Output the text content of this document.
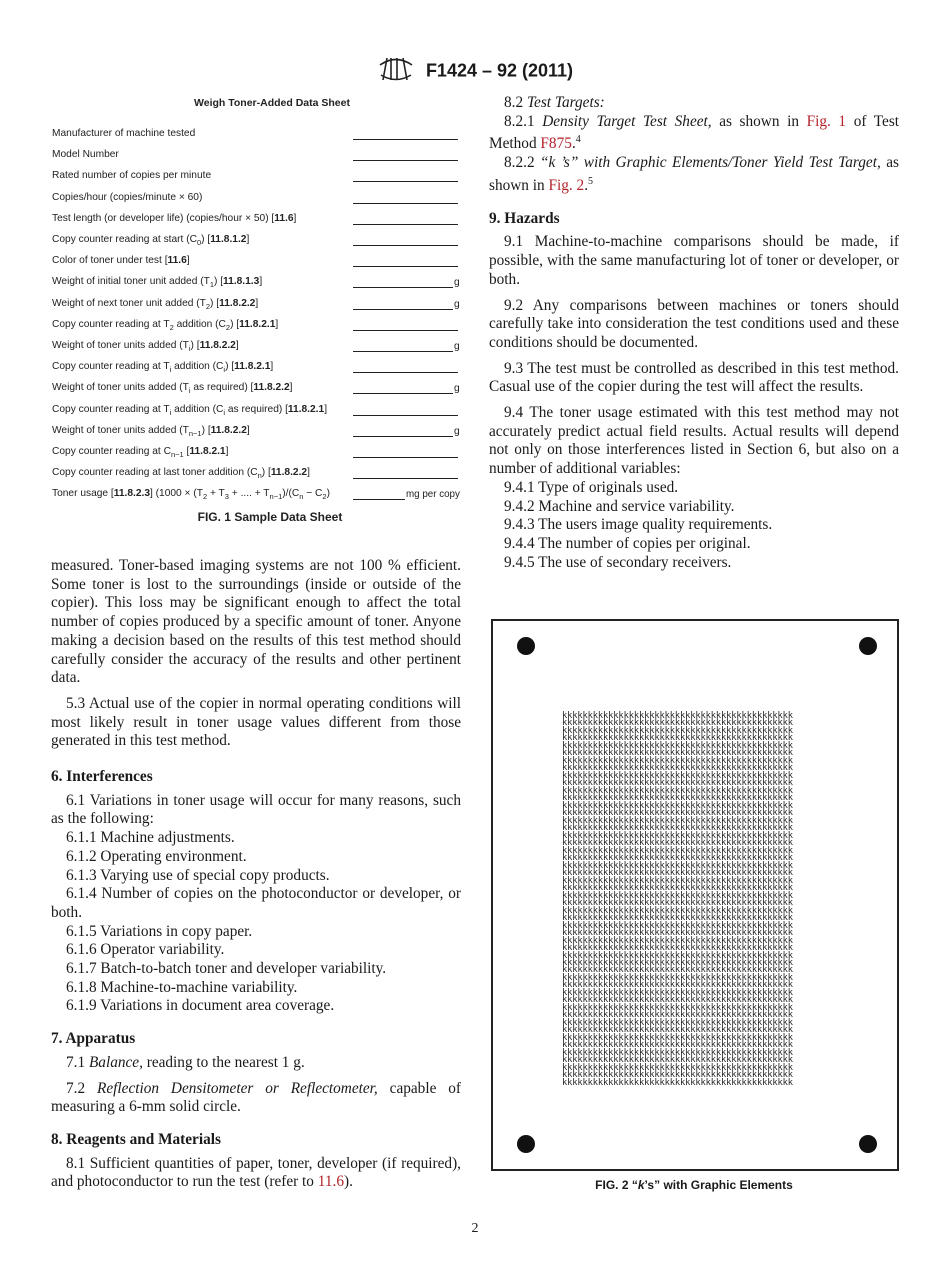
F1424 – 92 (2011)
Weigh Toner-Added Data Sheet
Manufacturer of machine tested
Model Number
Rated number of copies per minute
Copies/hour (copies/minute × 60)
Test length (or developer life) (copies/hour × 50) [11.6]
Copy counter reading at start $(C_0)$ [11.8.1.2]
Color of toner under test [11.6]
Weight of initial toner unit added $(T_1)$ [11.8.1.3]	g
Weight of next toner unit added $(T_2)$ [11.8.2.2]	g
Copy counter reading at $T_2$ addition $(C_2)$ [11.8.2.1]
Weight of toner units added $(T_i)$ [11.8.2.2]	g
Copy counter reading at $T_i$ addition $(C_i)$ [11.8.2.1]
Weight of toner units added ($T_i$ as required) [11.8.2.2]	g
Copy counter reading at $T_i$ addition ($C_i$ as required) [11.8.2.1]
Weight of toner units added $(T_{n-1})$ [11.8.2.2]	g
Copy counter reading at $C_{n-1}$ [11.8.2.1]
Copy counter reading at last toner addition $(C_n)$ [11.8.2.2]
Toner usage [11.8.2.3] ($1000 \times (T_2 + T_3$ + .... + $T_{n-1})/(C_n - C_2)$	mg per copy
FIG. 1 Sample Data Sheet

measured. Toner-based imaging systems are not 100 % efficient. Some toner is lost to the surroundings (inside or outside of the copier). This loss may be significant enough to affect the total number of copies produced by a specific amount of toner. Anyone making a decision based on the results of this test method should carefully consider the accuracy of the results and other pertinent data.

5.3 Actual use of the copier in normal operating conditions will most likely result in toner usage values different from those generated in this test method.

6. Interferences

6.1 Variations in toner usage will occur for many reasons, such as the following:

6.1.1 Machine adjustments.

6.1.2 Operating environment.

6.1.3 Varying use of special copy products.

6.1.4 Number of copies on the photoconductor or developer, or both.

6.1.5 Variations in copy paper.

6.1.6 Operator variability.

6.1.7 Batch-to-batch toner and developer variability.

6.1.8 Machine-to-machine variability.

6.1.9 Variations in document area coverage.

7. Apparatus

7.1 Balance, reading to the nearest 1 g.

7.2 Reflection Densitometer or Reflectometer, capable of measuring a 6-mm solid circle.

8. Reagents and Materials

8.1 Sufficient quantities of paper, toner, developer (if required), and photoconductor to run the test (refer to 11.6).

8.2 Test Targets:

8.2.1 Density Target Test Sheet, as shown in Fig. 1 of Test Method F875.$^4$

8.2.2 “k ’s” with Graphic Elements/Toner Yield Test Target, as shown in Fig. 2.$^5$

9. Hazards

9.1 Machine-to-machine comparisons should be made, if possible, with the same manufacturing lot of toner or developer, or both.

9.2 Any comparisons between machines or toners should carefully take into consideration the test conditions used and these conditions should be documented.

9.3 The test must be controlled as described in this test method. Casual use of the copier during the test will affect the results.

9.4 The toner usage estimated with this test method may not accurately predict actual field results. Actual results will depend not only on those interferences listed in Section 6, but also on a number of additional variables:

9.4.1 Type of originals used.

9.4.2 Machine and service variability.

9.4.3 The users image quality requirements.

9.4.4 The number of copies per original.

9.4.5 The use of secondary receivers.

kkkkkkkkkkkkkkkkkkkkkkkkkkkkkkkkkkkkkkkkkkkkk
kkkkkkkkkkkkkkkkkkkkkkkkkkkkkkkkkkkkkkkkkkkkk
kkkkkkkkkkkkkkkkkkkkkkkkkkkkkkkkkkkkkkkkkkkkk
kkkkkkkkkkkkkkkkkkkkkkkkkkkkkkkkkkkkkkkkkkkkk
kkkkkkkkkkkkkkkkkkkkkkkkkkkkkkkkkkkkkkkkkkkkk
kkkkkkkkkkkkkkkkkkkkkkkkkkkkkkkkkkkkkkkkkkkkk
kkkkkkkkkkkkkkkkkkkkkkkkkkkkkkkkkkkkkkkkkkkkk
kkkkkkkkkkkkkkkkkkkkkkkkkkkkkkkkkkkkkkkkkkkkk
kkkkkkkkkkkkkkkkkkkkkkkkkkkkkkkkkkkkkkkkkkkkk
kkkkkkkkkkkkkkkkkkkkkkkkkkkkkkkkkkkkkkkkkkkkk
kkkkkkkkkkkkkkkkkkkkkkkkkkkkkkkkkkkkkkkkkkkkk
kkkkkkkkkkkkkkkkkkkkkkkkkkkkkkkkkkkkkkkkkkkkk
kkkkkkkkkkkkkkkkkkkkkkkkkkkkkkkkkkkkkkkkkkkkk
kkkkkkkkkkkkkkkkkkkkkkkkkkkkkkkkkkkkkkkkkkkkk
kkkkkkkkkkkkkkkkkkkkkkkkkkkkkkkkkkkkkkkkkkkkk
kkkkkkkkkkkkkkkkkkkkkkkkkkkkkkkkkkkkkkkkkkkkk
kkkkkkkkkkkkkkkkkkkkkkkkkkkkkkkkkkkkkkkkkkkkk
kkkkkkkkkkkkkkkkkkkkkkkkkkkkkkkkkkkkkkkkkkkkk
kkkkkkkkkkkkkkkkkkkkkkkkkkkkkkkkkkkkkkkkkkkkk
kkkkkkkkkkkkkkkkkkkkkkkkkkkkkkkkkkkkkkkkkkkkk
kkkkkkkkkkkkkkkkkkkkkkkkkkkkkkkkkkkkkkkkkkkkk
kkkkkkkkkkkkkkkkkkkkkkkkkkkkkkkkkkkkkkkkkkkkk
kkkkkkkkkkkkkkkkkkkkkkkkkkkkkkkkkkkkkkkkkkkkk
kkkkkkkkkkkkkkkkkkkkkkkkkkkkkkkkkkkkkkkkkkkkk
kkkkkkkkkkkkkkkkkkkkkkkkkkkkkkkkkkkkkkkkkkkkk
kkkkkkkkkkkkkkkkkkkkkkkkkkkkkkkkkkkkkkkkkkkkk
kkkkkkkkkkkkkkkkkkkkkkkkkkkkkkkkkkkkkkkkkkkkk
kkkkkkkkkkkkkkkkkkkkkkkkkkkkkkkkkkkkkkkkkkkkk
kkkkkkkkkkkkkkkkkkkkkkkkkkkkkkkkkkkkkkkkkkkkk
kkkkkkkkkkkkkkkkkkkkkkkkkkkkkkkkkkkkkkkkkkkkk
kkkkkkkkkkkkkkkkkkkkkkkkkkkkkkkkkkkkkkkkkkkkk
kkkkkkkkkkkkkkkkkkkkkkkkkkkkkkkkkkkkkkkkkkkkk
kkkkkkkkkkkkkkkkkkkkkkkkkkkkkkkkkkkkkkkkkkkkk
kkkkkkkkkkkkkkkkkkkkkkkkkkkkkkkkkkkkkkkkkkkkk
kkkkkkkkkkkkkkkkkkkkkkkkkkkkkkkkkkkkkkkkkkkkk
kkkkkkkkkkkkkkkkkkkkkkkkkkkkkkkkkkkkkkkkkkkkk
kkkkkkkkkkkkkkkkkkkkkkkkkkkkkkkkkkkkkkkkkkkkk
kkkkkkkkkkkkkkkkkkkkkkkkkkkkkkkkkkkkkkkkkkkkk
kkkkkkkkkkkkkkkkkkkkkkkkkkkkkkkkkkkkkkkkkkkkk
kkkkkkkkkkkkkkkkkkkkkkkkkkkkkkkkkkkkkkkkkkkkk
kkkkkkkkkkkkkkkkkkkkkkkkkkkkkkkkkkkkkkkkkkkkk
kkkkkkkkkkkkkkkkkkkkkkkkkkkkkkkkkkkkkkkkkkkkk
kkkkkkkkkkkkkkkkkkkkkkkkkkkkkkkkkkkkkkkkkkkkk
kkkkkkkkkkkkkkkkkkkkkkkkkkkkkkkkkkkkkkkkkkkkk
kkkkkkkkkkkkkkkkkkkkkkkkkkkkkkkkkkkkkkkkkkkkk
kkkkkkkkkkkkkkkkkkkkkkkkkkkkkkkkkkkkkkkkkkkkk
kkkkkkkkkkkkkkkkkkkkkkkkkkkkkkkkkkkkkkkkkkkkk
kkkkkkkkkkkkkkkkkkkkkkkkkkkkkkkkkkkkkkkkkkkkk
kkkkkkkkkkkkkkkkkkkkkkkkkkkkkkkkkkkkkkkkkkkkk
kkkkkkkkkkkkkkkkkkkkkkkkkkkkkkkkkkkkkkkkkkkkk
FIG. 2 “k’s” with Graphic Elements
2
